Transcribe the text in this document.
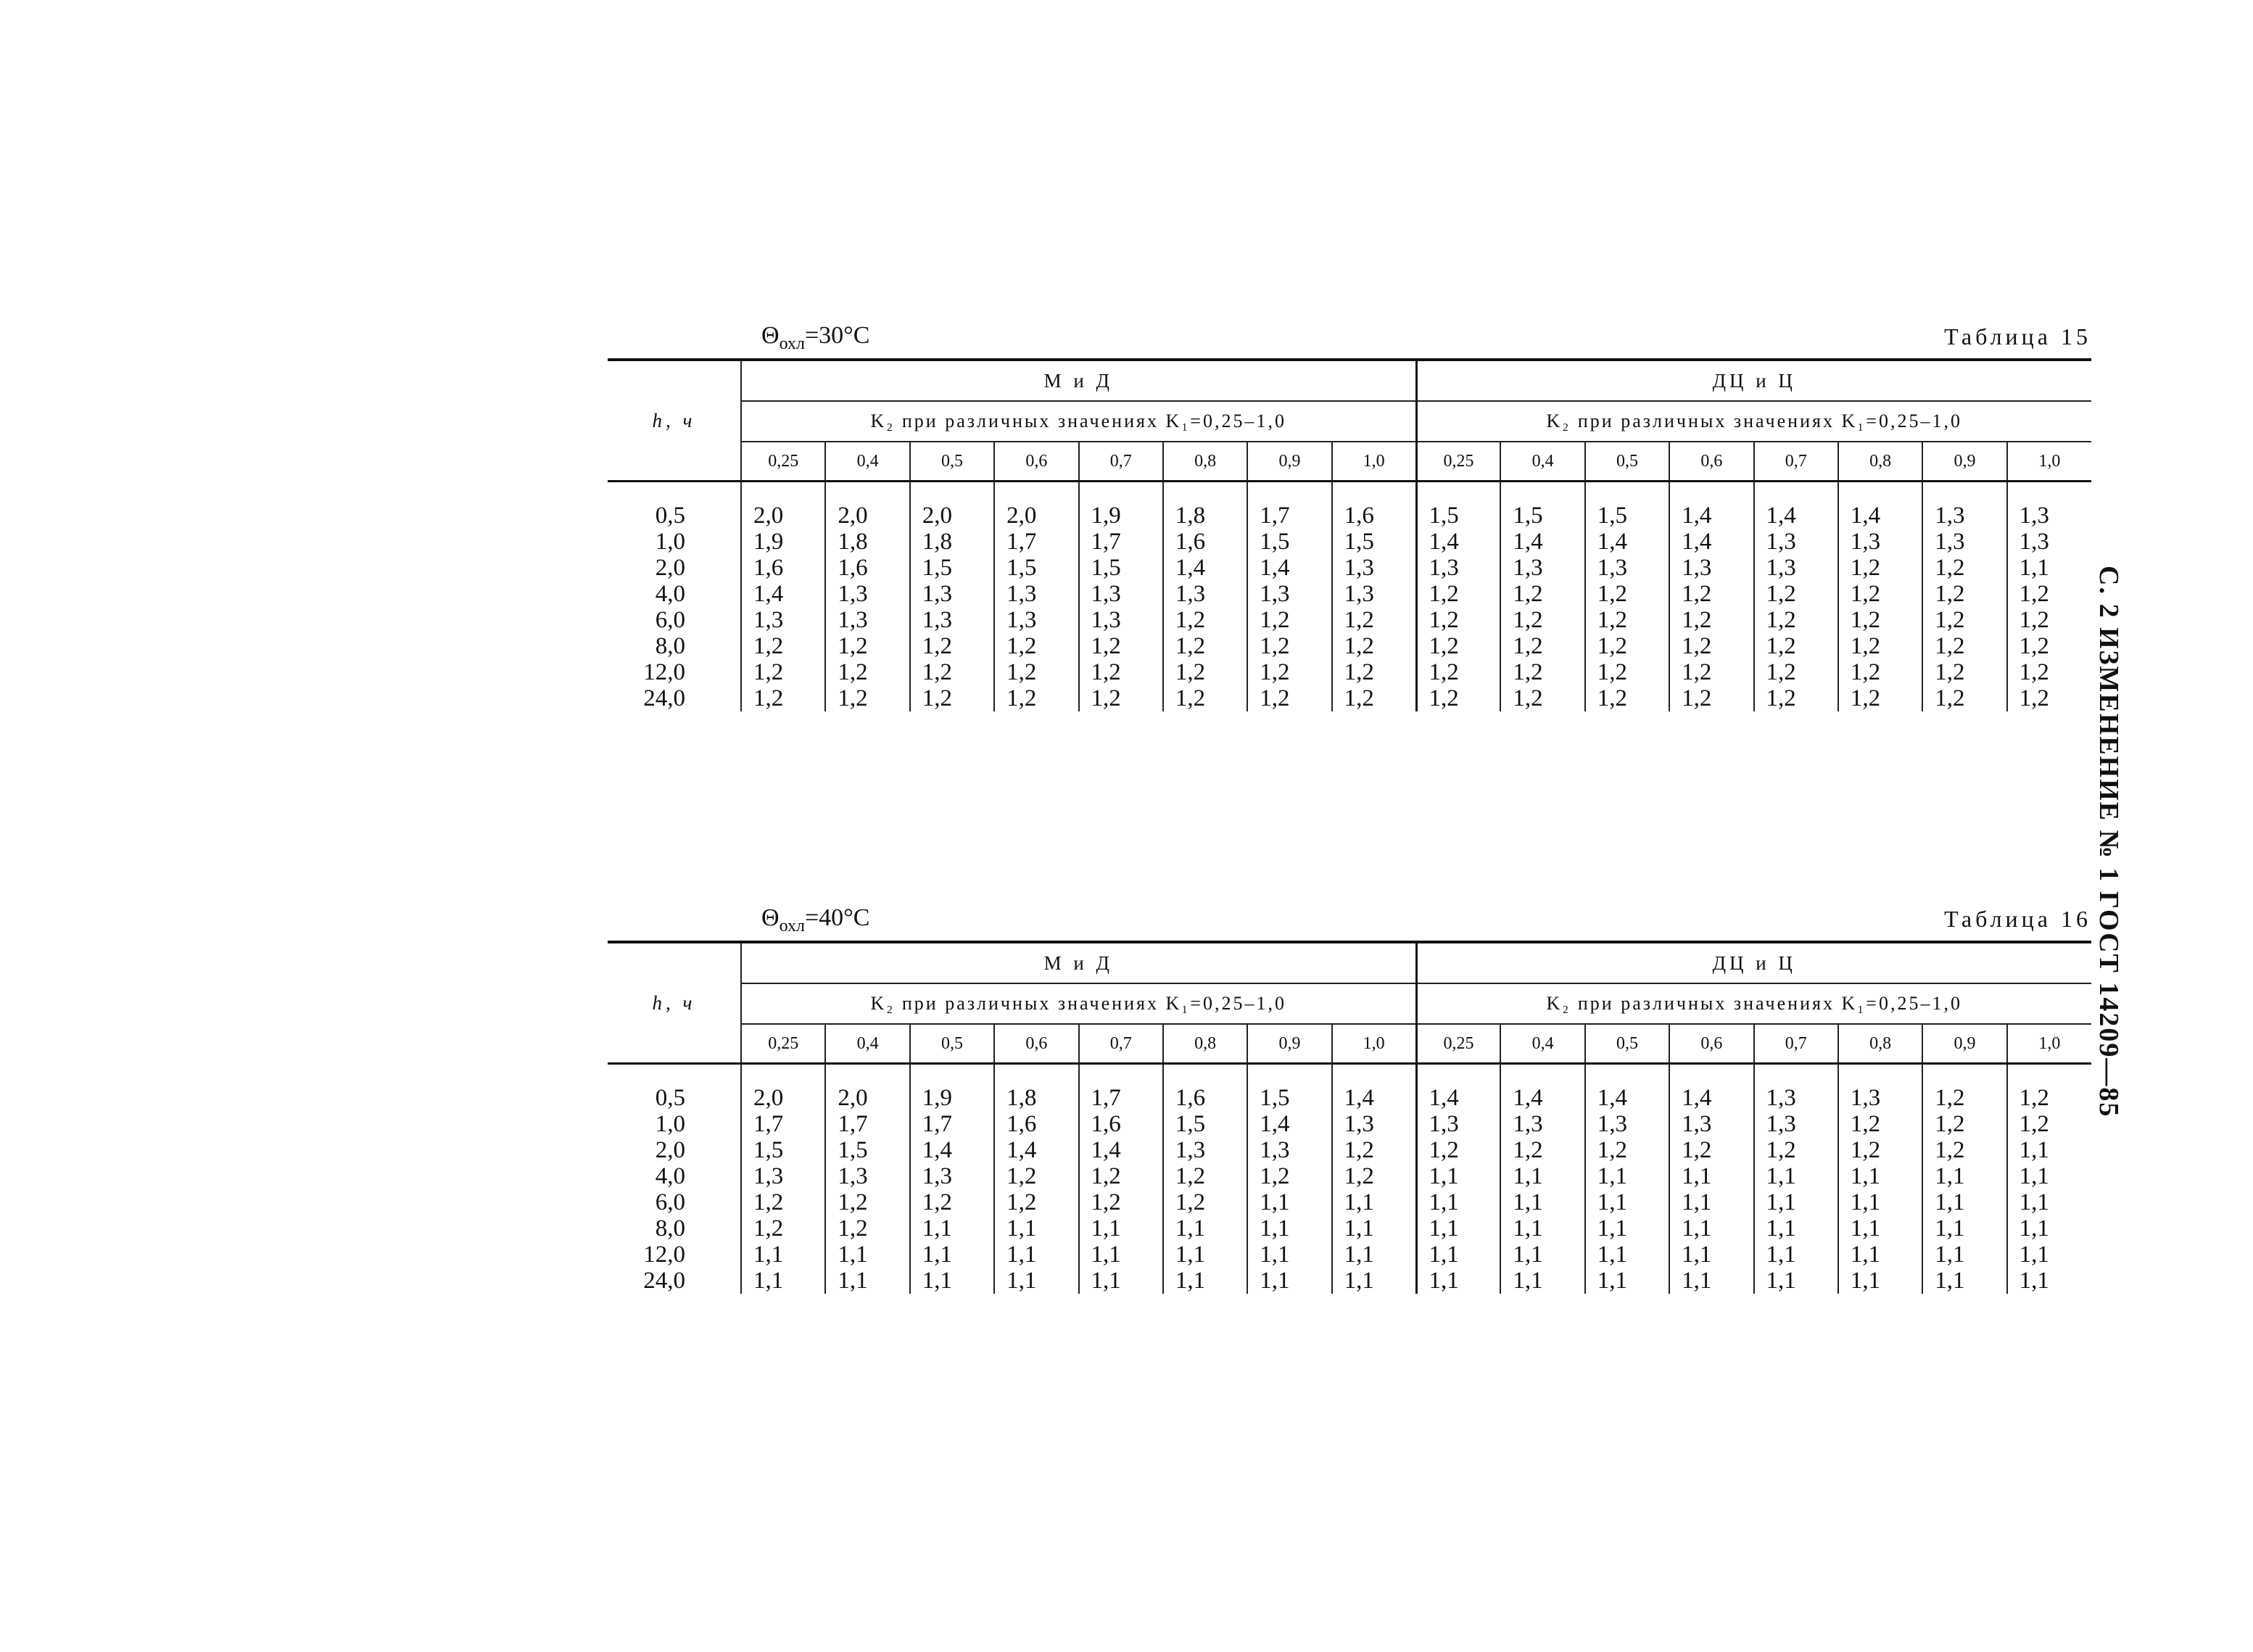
С. 2 ИЗМЕНЕНИЕ № 1 ГОСТ 14209—85
$\Theta_{охл}=30^\circ С$	Таблица 15
h, ч	М и Д								ДЦ и Ц							
	K₂ при различных значениях K₁=0,25–1,0								K₂ при различных значениях K₁=0,25–1,0							
	0,25	0,4	0,5	0,6	0,7	0,8	0,9	1,0	0,25	0,4	0,5	0,6	0,7	0,8	0,9	1,0
0,5	2,0	2,0	2,0	2,0	1,9	1,8	1,7	1,6	1,5	1,5	1,5	1,4	1,4	1,4	1,3	1,3
1,0	1,9	1,8	1,8	1,7	1,7	1,6	1,5	1,5	1,4	1,4	1,4	1,4	1,3	1,3	1,3	1,3
2,0	1,6	1,6	1,5	1,5	1,5	1,4	1,4	1,3	1,3	1,3	1,3	1,3	1,3	1,2	1,2	1,1
4,0	1,4	1,3	1,3	1,3	1,3	1,3	1,3	1,3	1,2	1,2	1,2	1,2	1,2	1,2	1,2	1,2
6,0	1,3	1,3	1,3	1,3	1,3	1,2	1,2	1,2	1,2	1,2	1,2	1,2	1,2	1,2	1,2	1,2
8,0	1,2	1,2	1,2	1,2	1,2	1,2	1,2	1,2	1,2	1,2	1,2	1,2	1,2	1,2	1,2	1,2
12,0	1,2	1,2	1,2	1,2	1,2	1,2	1,2	1,2	1,2	1,2	1,2	1,2	1,2	1,2	1,2	1,2
24,0	1,2	1,2	1,2	1,2	1,2	1,2	1,2	1,2	1,2	1,2	1,2	1,2	1,2	1,2	1,2	1,2
$\Theta_{охл}=40^\circ С$	Таблица 16
h, ч	М и Д								ДЦ и Ц							
	K₂ при различных значениях K₁=0,25–1,0								K₂ при различных значениях K₁=0,25–1,0							
	0,25	0,4	0,5	0,6	0,7	0,8	0,9	1,0	0,25	0,4	0,5	0,6	0,7	0,8	0,9	1,0
0,5	2,0	2,0	1,9	1,8	1,7	1,6	1,5	1,4	1,4	1,4	1,4	1,4	1,3	1,3	1,2	1,2
1,0	1,7	1,7	1,7	1,6	1,6	1,5	1,4	1,3	1,3	1,3	1,3	1,3	1,3	1,2	1,2	1,2
2,0	1,5	1,5	1,4	1,4	1,4	1,3	1,3	1,2	1,2	1,2	1,2	1,2	1,2	1,2	1,2	1,1
4,0	1,3	1,3	1,3	1,2	1,2	1,2	1,2	1,2	1,1	1,1	1,1	1,1	1,1	1,1	1,1	1,1
6,0	1,2	1,2	1,2	1,2	1,2	1,2	1,1	1,1	1,1	1,1	1,1	1,1	1,1	1,1	1,1	1,1
8,0	1,2	1,2	1,1	1,1	1,1	1,1	1,1	1,1	1,1	1,1	1,1	1,1	1,1	1,1	1,1	1,1
12,0	1,1	1,1	1,1	1,1	1,1	1,1	1,1	1,1	1,1	1,1	1,1	1,1	1,1	1,1	1,1	1,1
24,0	1,1	1,1	1,1	1,1	1,1	1,1	1,1	1,1	1,1	1,1	1,1	1,1	1,1	1,1	1,1	1,1
